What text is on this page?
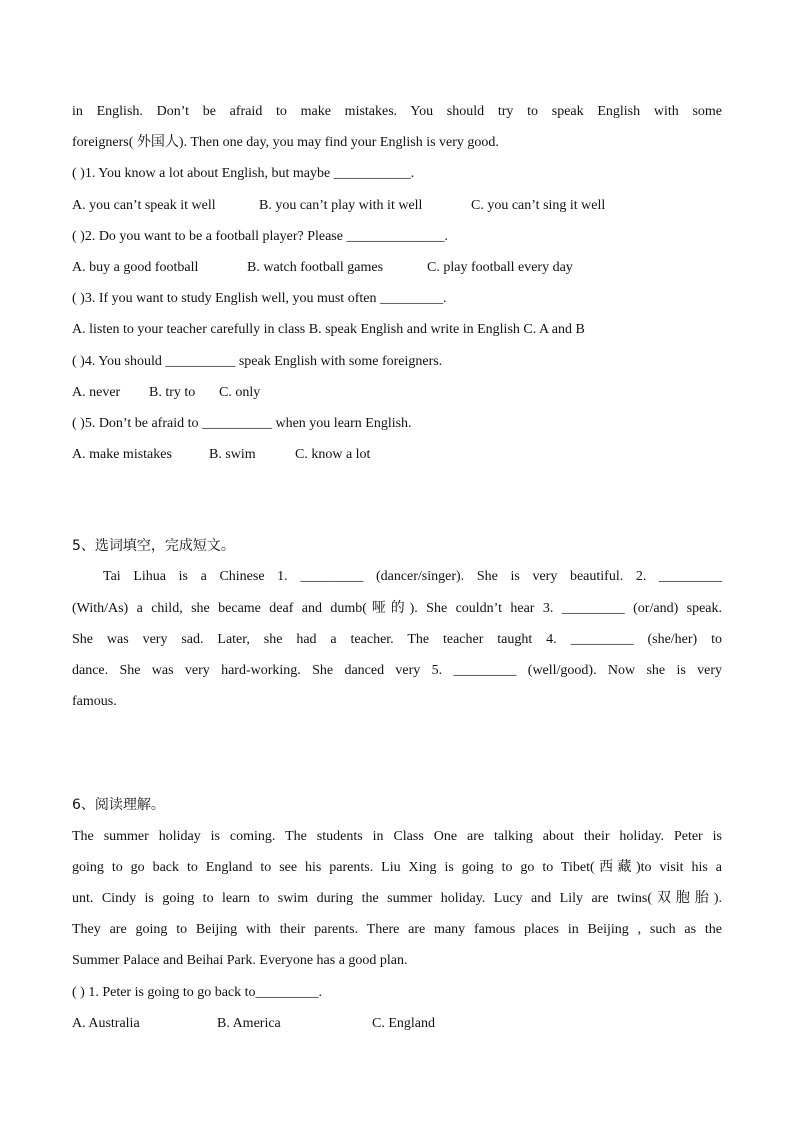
in English. Don’t be afraid to make mistakes. You should try to speak English with some
foreigners( 外国人). Then one day, you may find your English is very good.
( )1. You know a lot about English, but maybe ___________.
A. you can’t speak it well	B. you can’t play with it well	C. you can’t sing it well
( )2. Do you want to be a football player? Please ______________.
A. buy a good football	B. watch football games	C. play football every day
( )3. If you want to study English well, you must often _________.
A. listen to your teacher carefully in class B. speak English and write in English C. A and B
( )4. You should __________ speak English with some foreigners.
A. never B. try to C. only
( )5. Don’t be afraid to __________ when you learn English.
A. make mistakes	B. swim	C. know a lot
5、选词填空，完成短文。
Tai Lihua is a Chinese 1. _________ (dancer/singer). She is very beautiful. 2. _________
(With/As) a child, she became deaf and dumb(哑的). She couldn’t hear 3. _________ (or/and) speak.
She was very sad. Later, she had a teacher. The teacher taught 4. _________ (she/her) to
dance. She was very hard-working. She danced very 5. _________ (well/good). Now she is very
famous.
6、阅读理解。
The summer holiday is coming. The students in Class One are talking about their holiday. Peter is
going to go back to England to see his parents. Liu Xing is going to go to Tibet(西藏)to visit his a
unt. Cindy is going to learn to swim during the summer holiday. Lucy and Lily are twins(双胞胎).
They are going to Beijing with their parents. There are many famous places in Beijing , such as the
Summer Palace and Beihai Park. Everyone has a good plan.
( ) 1. Peter is going to go back to_________.
A. Australia	B. America	C. England
